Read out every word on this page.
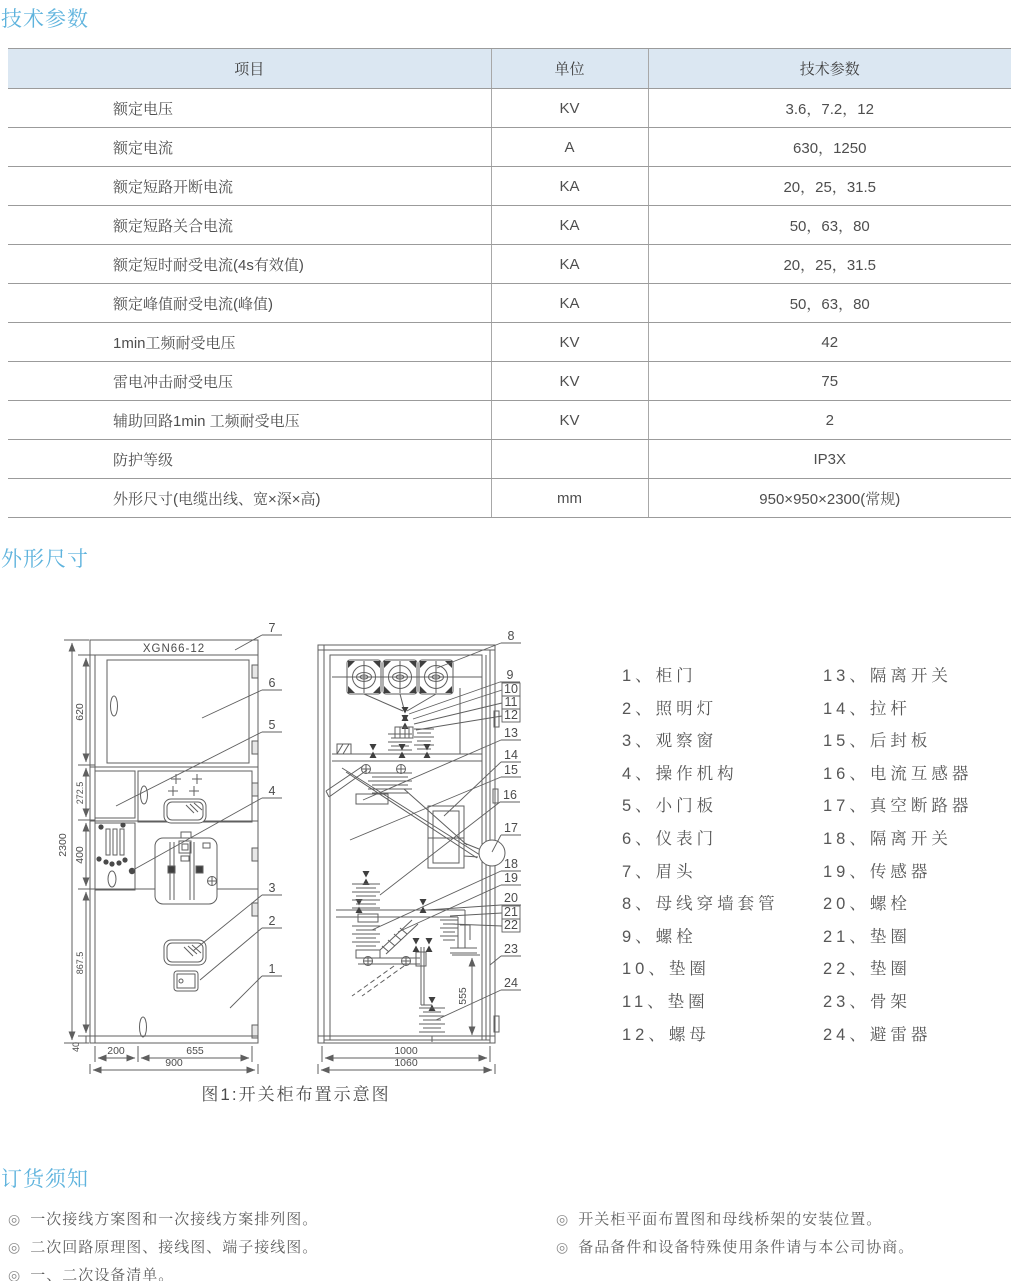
技术参数
外形尺寸
订货须知
项目	单位	技术参数
额定电压	KV	3.6，7.2，12
额定电流	A	630，1250
额定短路开断电流	KA	20，25，31.5
额定短路关合电流	KA	50，63，80
额定短时耐受电流(4s有效值)	KA	20，25，31.5
额定峰值耐受电流(峰值)	KA	50，63，80
1min工频耐受电压	KV	42
雷电冲击耐受电压	KV	75
辅助回路1min 工频耐受电压	KV	2
防护等级		IP3X
外形尺寸(电缆出线、宽×深×高)	mm	950×950×2300(常规)
XGN66-12
2300
620
272.5
400
867.5
40 200	655
900
555
1000
1060
7
6
5
4
3
2
1
8
9
10
11
12
13
14
15
16
17
18
19
20
21
22
23
24
图1:开关柜布置示意图
1、柜门
2、照明灯
3、观察窗
4、操作机构
5、小门板
6、仪表门
7、眉头
8、母线穿墙套管
9、螺栓
10、垫圈
11、垫圈
12、螺母
13、隔离开关
14、拉杆
15、后封板
16、电流互感器
17、真空断路器
18、隔离开关
19、传感器
20、螺栓
21、垫圈
22、垫圈
23、骨架
24、避雷器
◎ 一次接线方案图和一次接线方案排列图。
◎ 二次回路原理图、接线图、端子接线图。
◎ 一、二次设备清单。
◎ 开关柜平面布置图和母线桥架的安装位置。
◎ 备品备件和设备特殊使用条件请与本公司协商。
